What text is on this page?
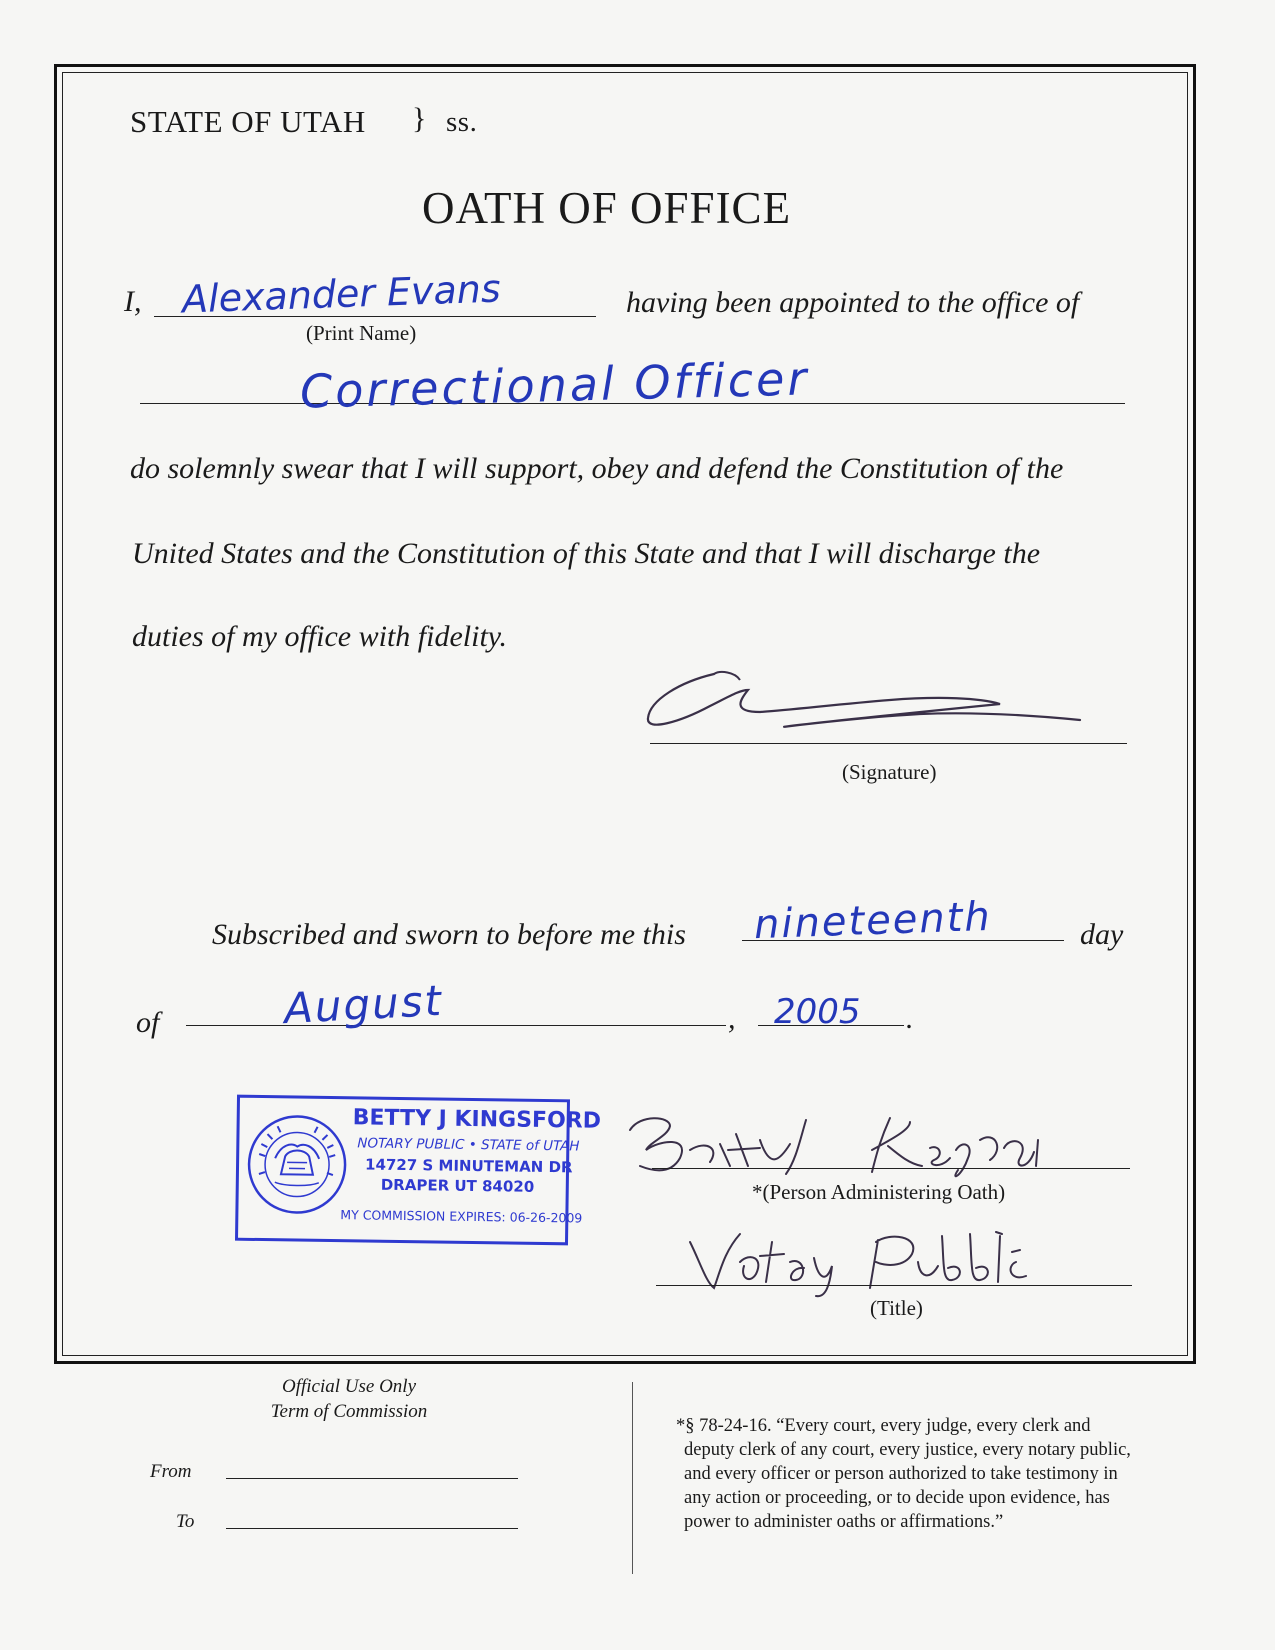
STATE OF UTAH } ss.
OATH OF OFFICE
I, Alexander Evans
(Print Name)
having been appointed to the office of
Correctional Officer
do solemnly swear that I will support, obey and defend the Constitution of the
United States and the Constitution of this State and that I will discharge the
duties of my office with fidelity.
(Signature)
Subscribed and sworn to before me this nineteenth	day
of	August	, 2005 .
BETTY J KINGSFORD
NOTARY PUBLIC • STATE of UTAH
14727 S MINUTEMAN DR
DRAPER UT 84020
MY COMMISSION EXPIRES: 06-26-2009
*(Person Administering Oath)
(Title)
Official Use Only
Term of Commission
From
To
*§ 78-24-16. “Every court, every judge, every clerk and
deputy clerk of any court, every justice, every notary public,
and every officer or person authorized to take testimony in
any action or proceeding, or to decide upon evidence, has
power to administer oaths or affirmations.”
